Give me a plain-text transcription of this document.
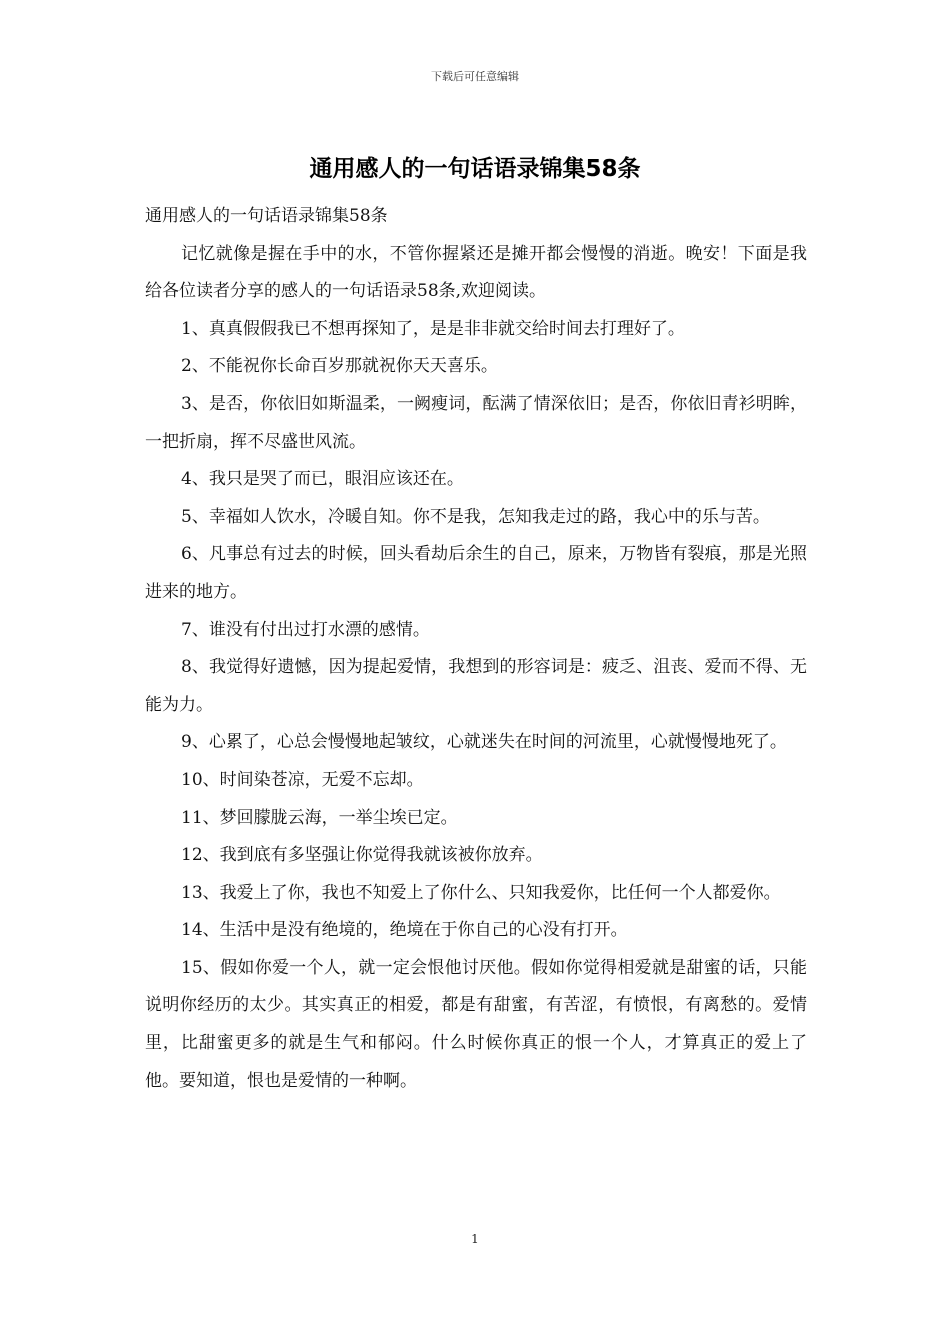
下载后可任意编辑
通用感人的一句话语录锦集58条

通用感人的一句话语录锦集58条

记忆就像是握在手中的水，不管你握紧还是摊开都会慢慢的消逝。晚安！下面是我给各位读者分享的感人的一句话语录58条,欢迎阅读。

1、真真假假我已不想再探知了，是是非非就交给时间去打理好了。

2、不能祝你长命百岁那就祝你天天喜乐。

3、是否，你依旧如斯温柔，一阙瘦词，酝满了情深依旧；是否，你依旧青衫明眸，一把折扇，挥不尽盛世风流。

4、我只是哭了而已，眼泪应该还在。

5、幸福如人饮水，冷暖自知。你不是我，怎知我走过的路，我心中的乐与苦。

6、凡事总有过去的时候，回头看劫后余生的自己，原来，万物皆有裂痕，那是光照进来的地方。

7、谁没有付出过打水漂的感情。

8、我觉得好遗憾，因为提起爱情，我想到的形容词是：疲乏、沮丧、爱而不得、无能为力。

9、心累了，心总会慢慢地起皱纹，心就迷失在时间的河流里，心就慢慢地死了。

10、时间染苍凉，无爱不忘却。

11、梦回朦胧云海，一举尘埃已定。

12、我到底有多坚强让你觉得我就该被你放弃。

13、我爱上了你，我也不知爱上了你什么、只知我爱你，比任何一个人都爱你。

14、生活中是没有绝境的，绝境在于你自己的心没有打开。

15、假如你爱一个人，就一定会恨他讨厌他。假如你觉得相爱就是甜蜜的话，只能说明你经历的太少。其实真正的相爱，都是有甜蜜，有苦涩，有愤恨，有离愁的。爱情里，比甜蜜更多的就是生气和郁闷。什么时候你真正的恨一个人，才算真正的爱上了他。要知道，恨也是爱情的一种啊。

1
